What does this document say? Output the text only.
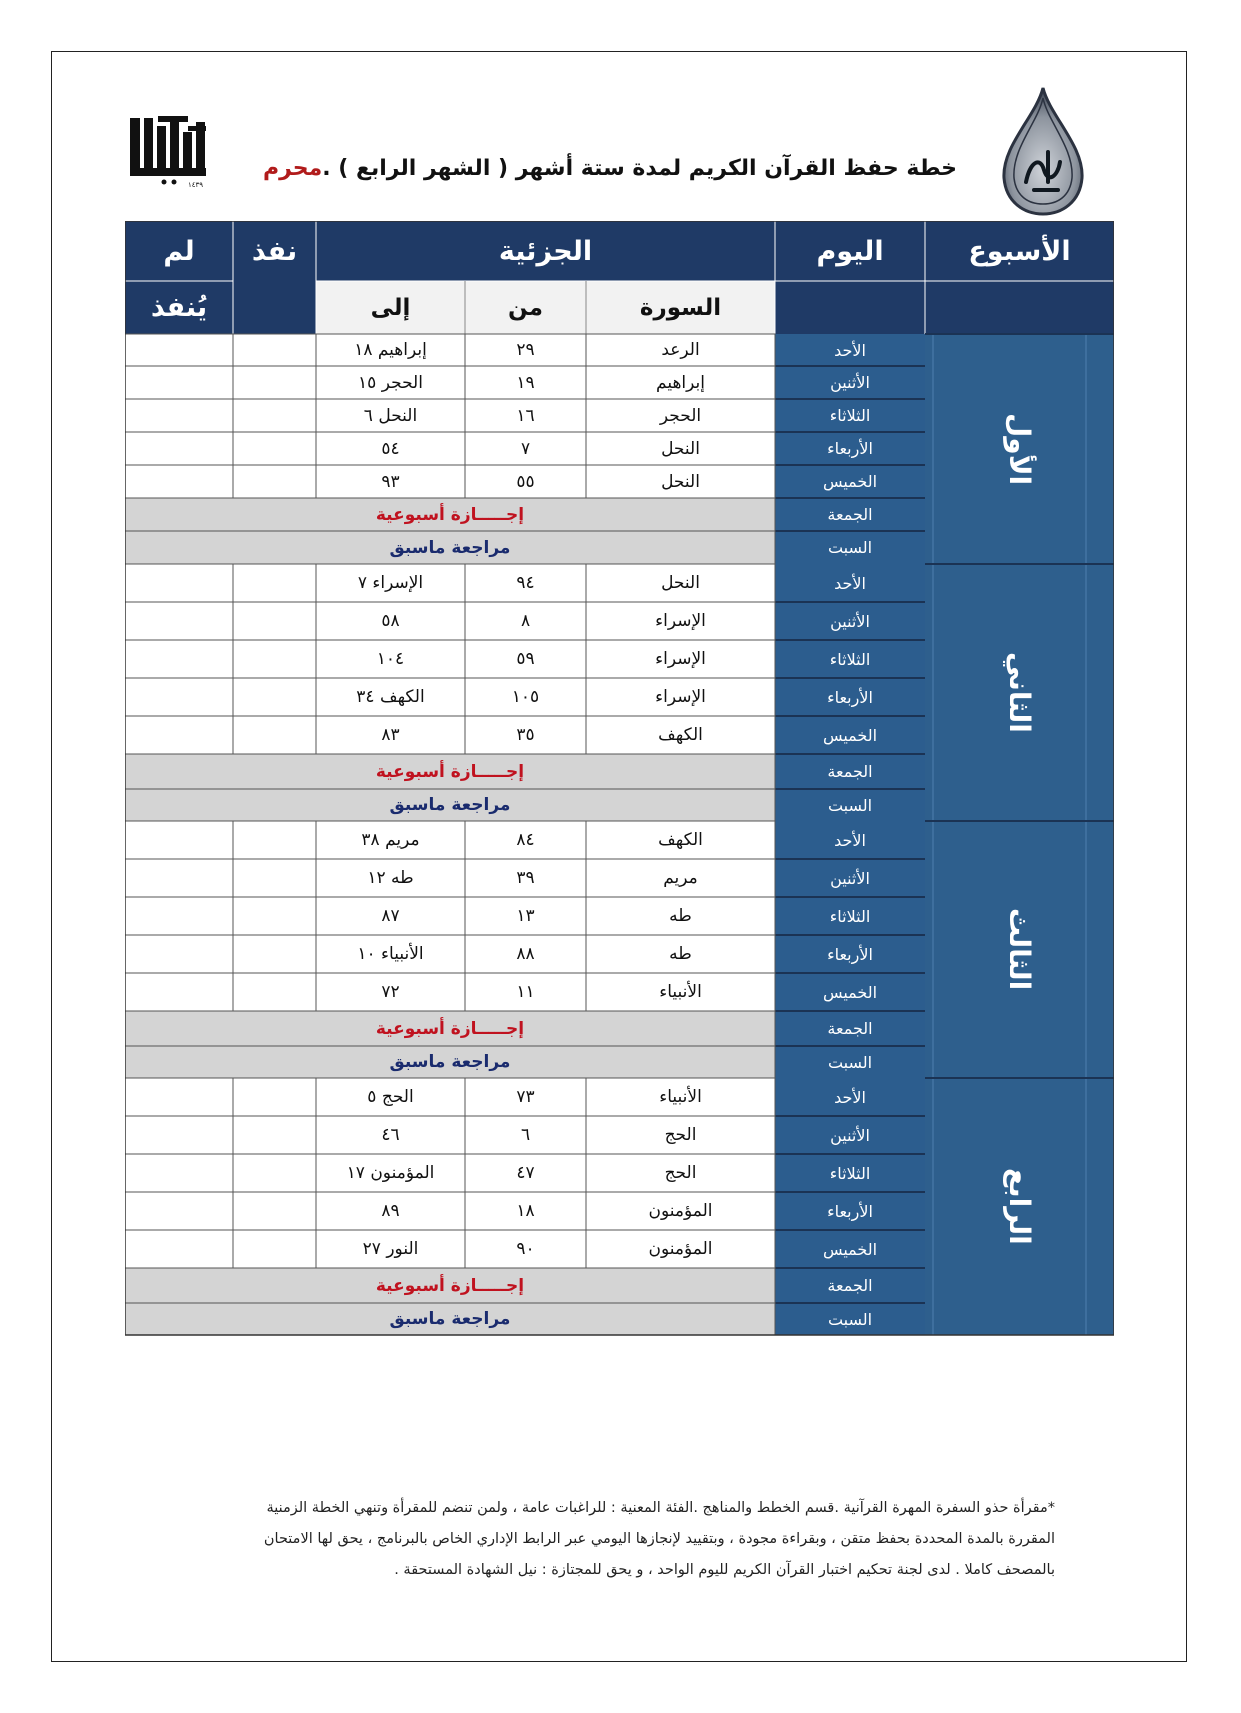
١٤٣٩
خطة حفظ القرآن الكريم لمدة ستة أشهر ( الشهر الرابع ) .محرم
الأسبوع
اليوم
الجزئية
نفذ
لم
يُنفذ	السورة
من
إلى
الأول
الأحد
الأثنين
الثلاثاء
الأربعاء
الخميس
الجمعة
السبت
الرعد
٢٩
إبراهيم ١٨
إبراهيم
١٩
الحجر ١٥
الحجر
١٦
النحل ٦
النحل
٧
٥٤
النحل
٥٥
٩٣
إجـــــازة أسبوعية
مراجعة ماسبق
الثاني
الأحد
الأثنين
الثلاثاء
الأربعاء
الخميس
الجمعة
السبت
النحل
٩٤
الإسراء ٧
الإسراء
٨
٥٨
الإسراء
٥٩
١٠٤
الإسراء
١٠٥
الكهف ٣٤
الكهف
٣٥
٨٣
إجـــــازة أسبوعية
مراجعة ماسبق
الثالث
الأحد
الأثنين
الثلاثاء
الأربعاء
الخميس
الجمعة
السبت
الكهف
٨٤
مريم ٣٨
مريم
٣٩
طه ١٢
طه
١٣
٨٧
طه
٨٨
الأنبياء ١٠
الأنبياء
١١
٧٢
إجـــــازة أسبوعية
مراجعة ماسبق
الرابع
الأحد
الأثنين
الثلاثاء
الأربعاء
الخميس
الجمعة
السبت
الأنبياء
٧٣
الحج ٥
الحج
٦
٤٦
الحج
٤٧
المؤمنون ١٧
المؤمنون
١٨
٨٩
المؤمنون
٩٠
النور ٢٧
إجـــــازة أسبوعية
مراجعة ماسبق

*مقرأة حذو السفرة المهرة القرآنية .قسم الخطط والمناهج .الفئة المعنية : للراغبات عامة ، ولمن تنضم للمقرأة وتنهي الخطة الزمنية

المقررة بالمدة المحددة بحفظ متقن ، وبقراءة مجودة ، وبتقييد لإنجازها اليومي عبر الرابط الإداري الخاص بالبرنامج ، يحق لها الامتحان

بالمصحف كاملا . لدى لجنة تحكيم اختبار القرآن الكريم لليوم الواحد ، و يحق للمجتازة : نيل الشهادة المستحقة .
